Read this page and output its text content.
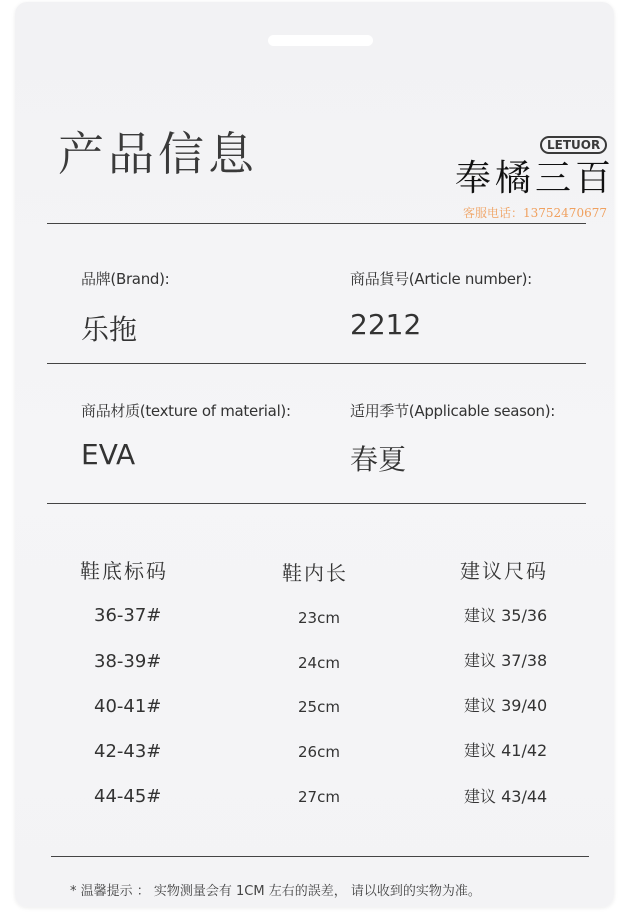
产品信息	LETUOR
奉橘三百
客服电话：13752470677
品牌(Brand):
乐拖
商品貨号(Article number):
2212
商品材质(texture of material):
EVA
适用季节(Applicable season):
春夏
鞋底标码	鞋内长	建议尺码
36-37#	23cm	建议 35/36
38-39#	24cm	建议 37/38
40-41#	25cm	建议 39/40
42-43#	26cm	建议 41/42
44-45#	27cm	建议 43/44
* 温馨提示 ： 实物测量会有 1CM 左右的誤差， 请以收到的实物为准。
